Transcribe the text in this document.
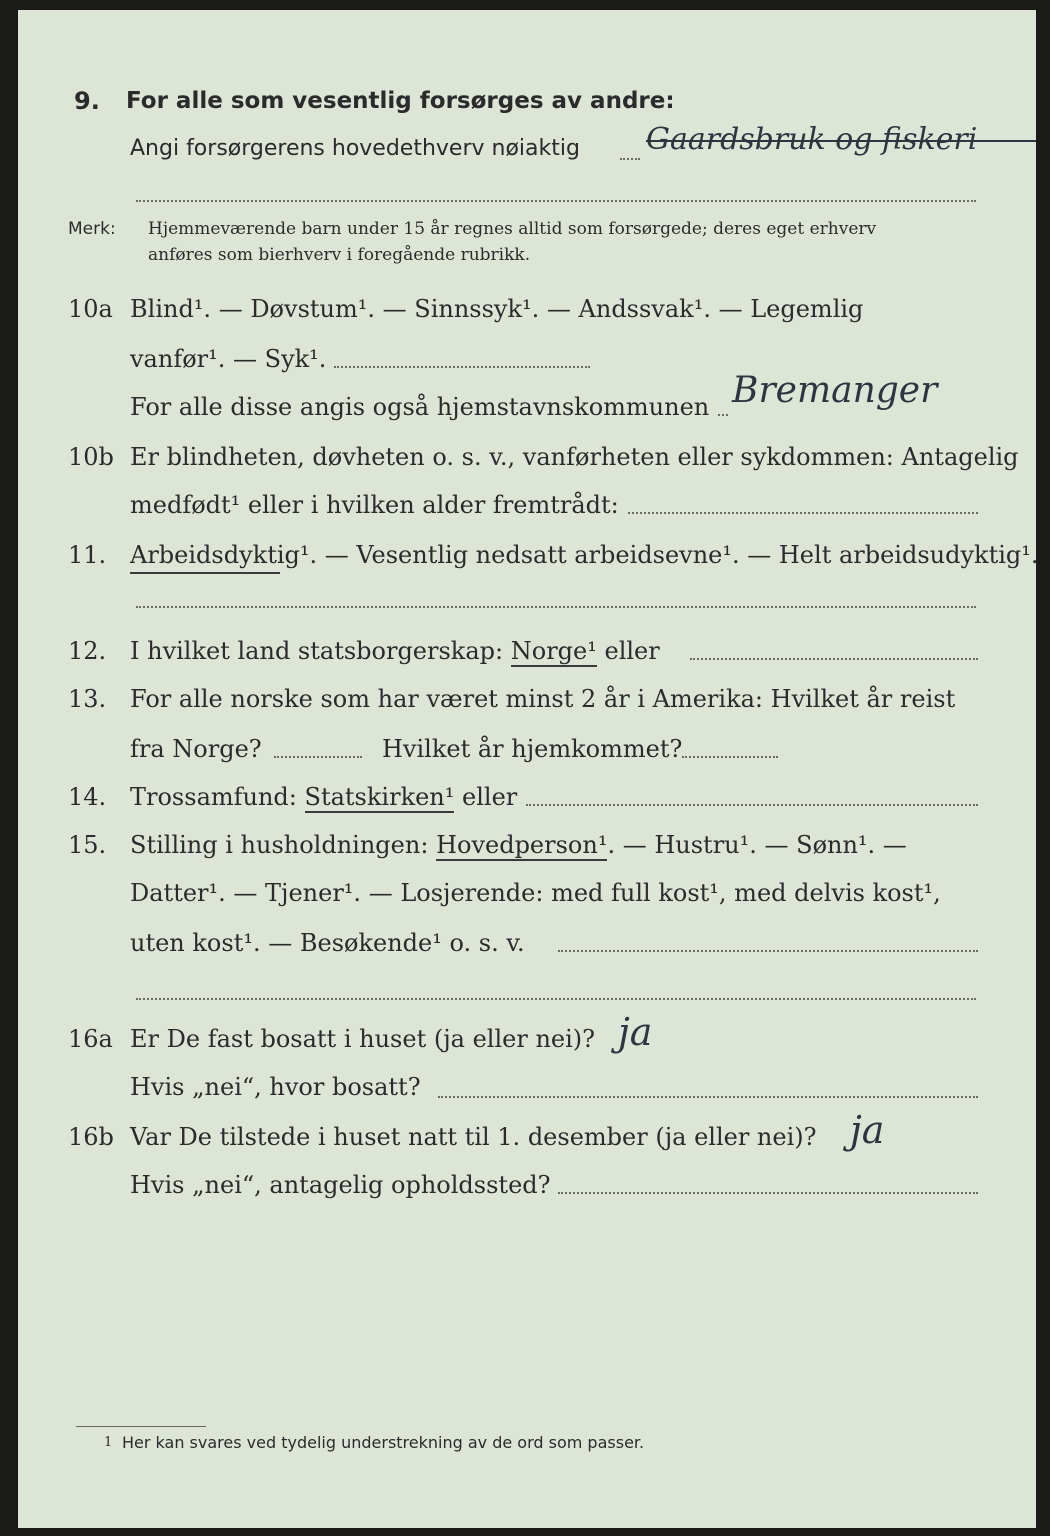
9. For alle som vesentlig forsørges av andre:
Angi forsørgerens hovedethverv nøiaktig Gaardsbruk og fiskeri
Merk: Hjemmeværende barn under 15 år regnes alltid som forsørgede; deres eget erhverv
anføres som bierhverv i foregående rubrikk.
10a Blind¹. — Døvstum¹. — Sinnssyk¹. — Andssvak¹. — Legemlig
vanfør¹. — Syk¹.
For alle disse angis også hjemstavnskommunen Bremanger
10b Er blindheten, døvheten o. s. v., vanførheten eller sykdommen: Antagelig
medfødt¹ eller i hvilken alder fremtrådt:
11. Arbeidsdyktig¹. — Vesentlig nedsatt arbeidsevne¹. — Helt arbeidsudyktig¹.
12. I hvilket land statsborgerskap: Norge¹ eller
13. For alle norske som har været minst 2 år i Amerika: Hvilket år reist
fra Norge?	Hvilket år hjemkommet?
14. Trossamfund: Statskirken¹ eller
15. Stilling i husholdningen: Hovedperson¹. — Hustru¹. — Sønn¹. —
Datter¹. — Tjener¹. — Losjerende: med full kost¹, med delvis kost¹,
uten kost¹. — Besøkende¹ o. s. v.
16a Er De fast bosatt i huset (ja eller nei)? ja
Hvis „nei“, hvor bosatt?
16b Var De tilstede i huset natt til 1. desember (ja eller nei)? ja
Hvis „nei“, antagelig opholdssted?
1 Her kan svares ved tydelig understrekning av de ord som passer.
